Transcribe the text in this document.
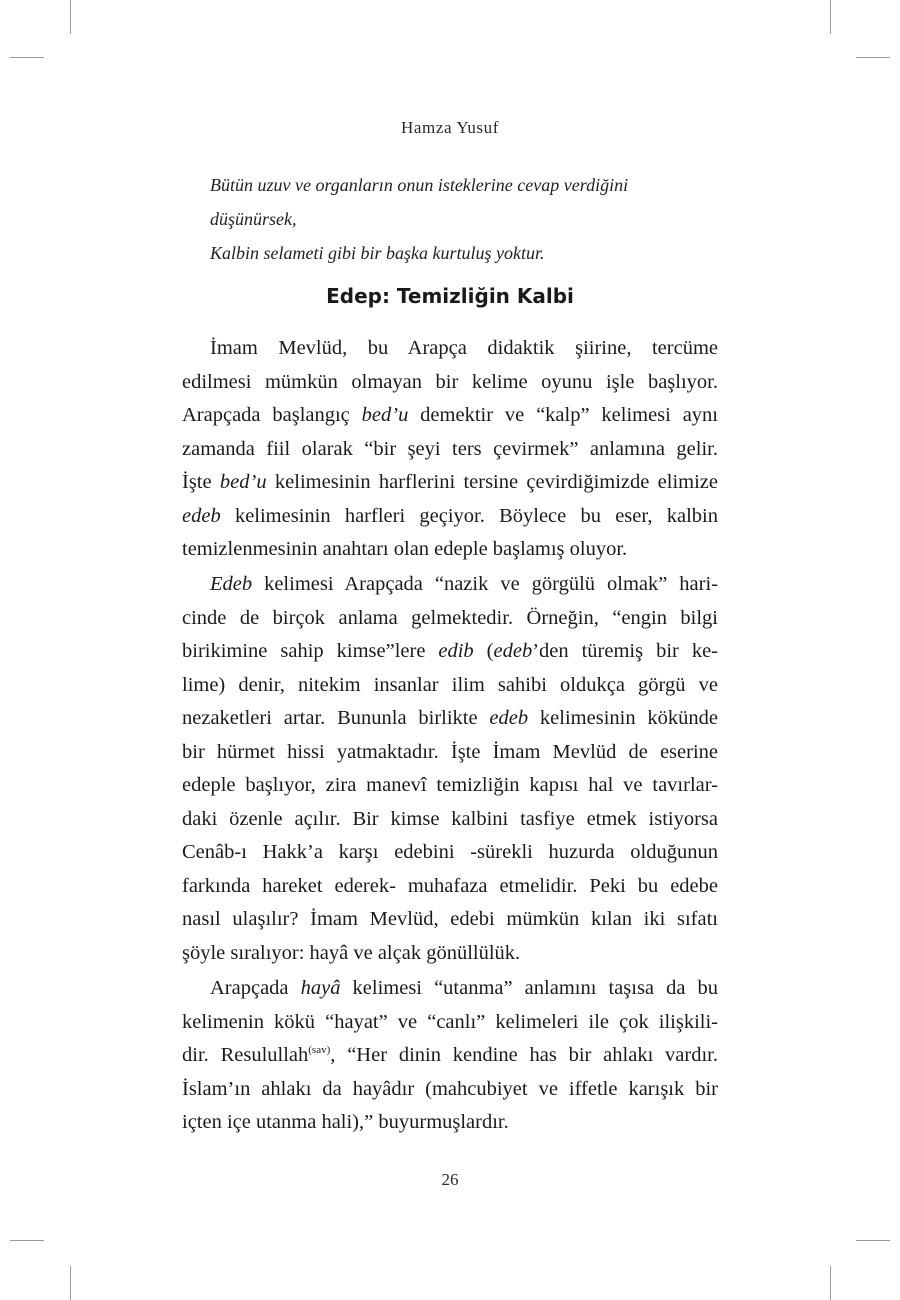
Hamza Yusuf
Bütün uzuv ve organların onun isteklerine cevap verdiğini
düşünürsek,
Kalbin selameti gibi bir başka kurtuluş yoktur.
Edep: Temizliğin Kalbi
İmam Mevlüd, bu Arapça didaktik şiirine, tercüme
edilmesi mümkün olmayan bir kelime oyunu işle başlıyor.
Arapçada başlangıç bed’u demektir ve “kalp” kelimesi aynı
zamanda fiil olarak “bir şeyi ters çevirmek” anlamına gelir.
İşte bed’u kelimesinin harflerini tersine çevirdiğimizde elimize
edeb kelimesinin harfleri geçiyor. Böylece bu eser, kalbin
temizlenmesinin anahtarı olan edeple başlamış oluyor.
Edeb kelimesi Arapçada “nazik ve görgülü olmak” hari-
cinde de birçok anlama gelmektedir. Örneğin, “engin bilgi
birikimine sahip kimse”lere edib (edeb’den türemiş bir ke-
lime) denir, nitekim insanlar ilim sahibi oldukça görgü ve
nezaketleri artar. Bununla birlikte edeb kelimesinin kökünde
bir hürmet hissi yatmaktadır. İşte İmam Mevlüd de eserine
edeple başlıyor, zira manevî temizliğin kapısı hal ve tavırlar-
daki özenle açılır. Bir kimse kalbini tasfiye etmek istiyorsa
Cenâb-ı Hakk’a karşı edebini -sürekli huzurda olduğunun
farkında hareket ederek- muhafaza etmelidir. Peki bu edebe
nasıl ulaşılır? İmam Mevlüd, edebi mümkün kılan iki sıfatı
şöyle sıralıyor: hayâ ve alçak gönüllülük.
Arapçada hayâ kelimesi “utanma” anlamını taşısa da bu
kelimenin kökü “hayat” ve “canlı” kelimeleri ile çok ilişkili-
dir. Resulullah$^{(sav)}$, “Her dinin kendine has bir ahlakı vardır.
İslam’ın ahlakı da hayâdır (mahcubiyet ve iffetle karışık bir
içten içe utanma hali),” buyurmuşlardır.
26
